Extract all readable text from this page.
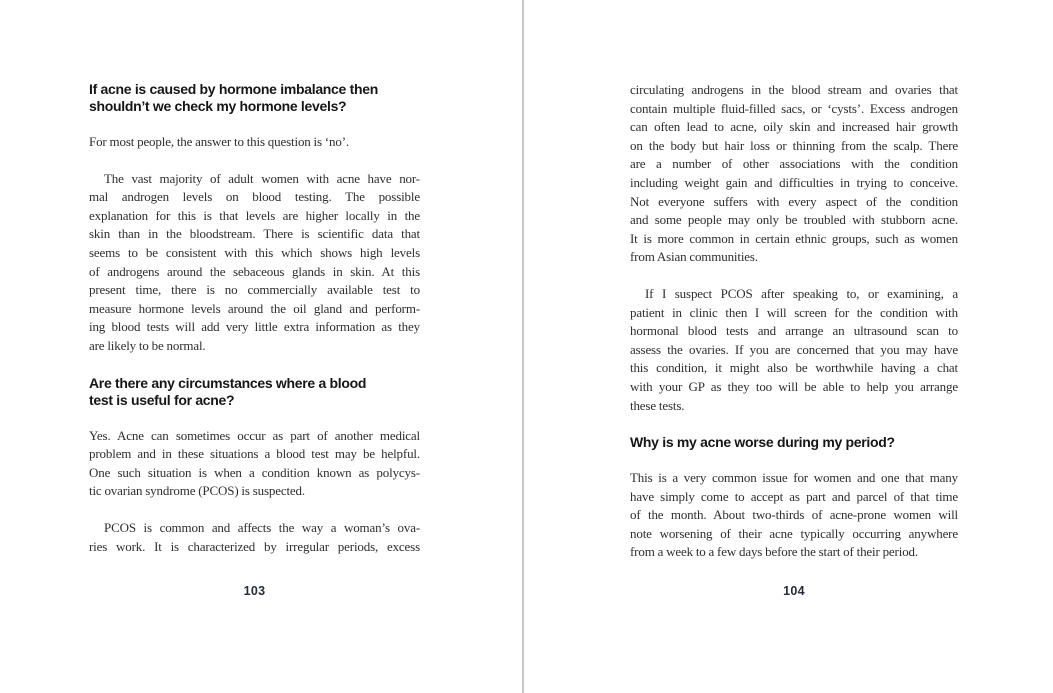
If acne is caused by hormone imbalance then
shouldn’t we check my hormone levels?
For most people, the answer to this question is ‘no’.
The vast majority of adult women with acne have nor-
mal androgen levels on blood testing. The possible
explanation for this is that levels are higher locally in the
skin than in the bloodstream. There is scientific data that
seems to be consistent with this which shows high levels
of androgens around the sebaceous glands in skin. At this
present time, there is no commercially available test to
measure hormone levels around the oil gland and perform-
ing blood tests will add very little extra information as they
are likely to be normal.
Are there any circumstances where a blood
test is useful for acne?
Yes. Acne can sometimes occur as part of another medical
problem and in these situations a blood test may be helpful.
One such situation is when a condition known as polycys-
tic ovarian syndrome (PCOS) is suspected.
PCOS is common and affects the way a woman’s ova-
ries work. It is characterized by irregular periods, excess
circulating androgens in the blood stream and ovaries that
contain multiple fluid-filled sacs, or ‘cysts’. Excess androgen
can often lead to acne, oily skin and increased hair growth
on the body but hair loss or thinning from the scalp. There
are a number of other associations with the condition
including weight gain and difficulties in trying to conceive.
Not everyone suffers with every aspect of the condition
and some people may only be troubled with stubborn acne.
It is more common in certain ethnic groups, such as women
from Asian communities.
If I suspect PCOS after speaking to, or examining, a
patient in clinic then I will screen for the condition with
hormonal blood tests and arrange an ultrasound scan to
assess the ovaries. If you are concerned that you may have
this condition, it might also be worthwhile having a chat
with your GP as they too will be able to help you arrange
these tests.
Why is my acne worse during my period?
This is a very common issue for women and one that many
have simply come to accept as part and parcel of that time
of the month. About two-thirds of acne-prone women will
note worsening of their acne typically occurring anywhere
from a week to a few days before the start of their period.
103	104
